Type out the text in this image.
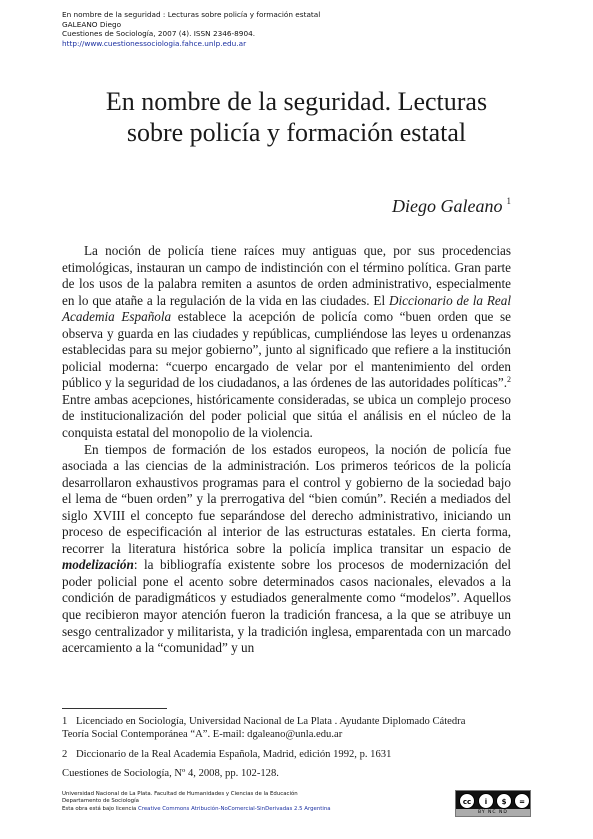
En nombre de la seguridad : Lecturas sobre policía y formación estatal
GALEANO Diego
Cuestiones de Sociología, 2007 (4). ISSN 2346-8904.
http://www.cuestionessociologia.fahce.unlp.edu.ar
En nombre de la seguridad. Lecturas
sobre policía y formación estatal
Diego Galeano $^1$

La noción de policía tiene raíces muy antiguas que, por sus procedencias etimológicas, instauran un campo de indistinción con el término política. Gran parte de los usos de la palabra remiten a asuntos de orden administrativo, especialmente en lo que atañe a la regulación de la vida en las ciudades. El Diccionario de la Real Academia Española establece la acepción de policía como “buen orden que se observa y guarda en las ciudades y repúblicas, cumpliéndose las leyes u ordenanzas establecidas para su mejor gobierno”, junto al significado que refiere a la institución policial moderna: “cuerpo encargado de velar por el mantenimiento del orden público y la seguridad de los ciudadanos, a las órdenes de las autoridades políticas”.$^2$ Entre ambas acepciones, históricamente consideradas, se ubica un complejo proceso de institucionalización del poder policial que sitúa el análisis en el núcleo de la conquista estatal del monopolio de la violencia.

En tiempos de formación de los estados europeos, la noción de policía fue asociada a las ciencias de la administración. Los primeros teóricos de la policía desarrollaron exhaustivos programas para el control y gobierno de la sociedad bajo el lema de “buen orden” y la prerrogativa del “bien común”. Recién a mediados del siglo XVIII el concepto fue separándose del derecho administrativo, iniciando un proceso de especificación al interior de las estructuras estatales. En cierta forma, recorrer la literatura histórica sobre la policía implica transitar un espacio de modelización: la bibliografía existente sobre los procesos de modernización del poder policial pone el acento sobre determinados casos nacionales, elevados a la condición de paradigmáticos y estudiados generalmente como “modelos”. Aquellos que recibieron mayor atención fueron la tradición francesa, a la que se atribuye un sesgo centralizador y militarista, y la tradición inglesa, emparentada con un marcado acercamiento a la “comunidad” y un

1 Licenciado en Sociología, Universidad Nacional de La Plata . Ayudante Diplomado Cátedra
Teoría Social Contemporánea “A”. E-mail: dgaleano@unla.edu.ar
2 Diccionario de la Real Academia Española, Madrid, edición 1992, p. 1631
Cuestiones de Sociología, Nº 4, 2008, pp. 102-128.
Universidad Nacional de La Plata. Facultad de Humanidades y Ciencias de la Educación
Departamento de Sociología
Esta obra está bajo licencia Creative Commons Atribución-NoComercial-SinDerivadas 2.5 Argentina
cc	i	$	=
BY NC ND
